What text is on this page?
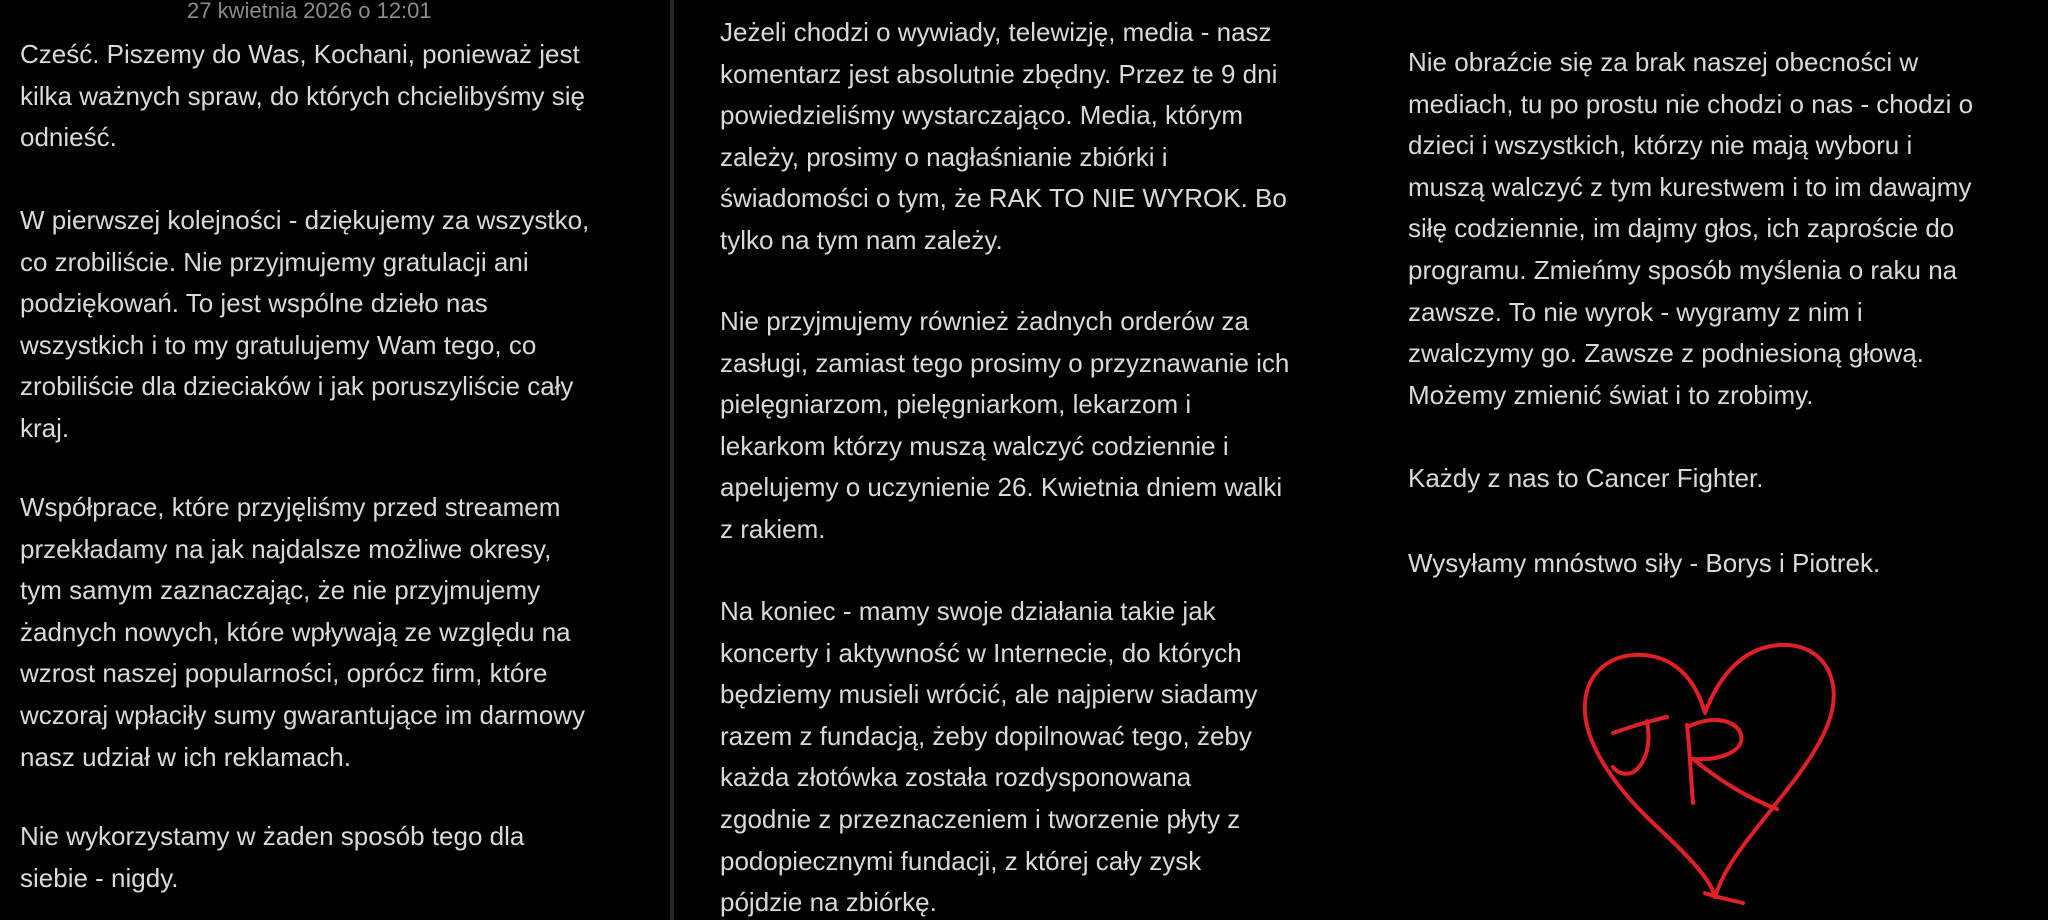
27 kwietnia 2026 o 12:01

Cześć. Piszemy do Was, Kochani, ponieważ jest
kilka ważnych spraw, do których chcielibyśmy się
odnieść.

W pierwszej kolejności - dziękujemy za wszystko,
co zrobiliście. Nie przyjmujemy gratulacji ani
podziękowań. To jest wspólne dzieło nas
wszystkich i to my gratulujemy Wam tego, co
zrobiliście dla dzieciaków i jak poruszyliście cały
kraj.

Współprace, które przyjęliśmy przed streamem
przekładamy na jak najdalsze możliwe okresy,
tym samym zaznaczając, że nie przyjmujemy
żadnych nowych, które wpływają ze względu na
wzrost naszej popularności, oprócz firm, które
wczoraj wpłaciły sumy gwarantujące im darmowy
nasz udział w ich reklamach.

Nie wykorzystamy w żaden sposób tego dla
siebie - nigdy.

Jeżeli chodzi o wywiady, telewizję, media - nasz
komentarz jest absolutnie zbędny. Przez te 9 dni
powiedzieliśmy wystarczająco. Media, którym
zależy, prosimy o nagłaśnianie zbiórki i
świadomości o tym, że RAK TO NIE WYROK. Bo
tylko na tym nam zależy.

Nie przyjmujemy również żadnych orderów za
zasługi, zamiast tego prosimy o przyznawanie ich
pielęgniarzom, pielęgniarkom, lekarzom i
lekarkom którzy muszą walczyć codziennie i
apelujemy o uczynienie 26. Kwietnia dniem walki
z rakiem.

Na koniec - mamy swoje działania takie jak
koncerty i aktywność w Internecie, do których
będziemy musieli wrócić, ale najpierw siadamy
razem z fundacją, żeby dopilnować tego, żeby
każda złotówka została rozdysponowana
zgodnie z przeznaczeniem i tworzenie płyty z
podopiecznymi fundacji, z której cały zysk
pójdzie na zbiórkę.

Nie obraźcie się za brak naszej obecności w
mediach, tu po prostu nie chodzi o nas - chodzi o
dzieci i wszystkich, którzy nie mają wyboru i
muszą walczyć z tym kurestwem i to im dawajmy
siłę codziennie, im dajmy głos, ich zaproście do
programu. Zmieńmy sposób myślenia o raku na
zawsze. To nie wyrok - wygramy z nim i
zwalczymy go. Zawsze z podniesioną głową.
Możemy zmienić świat i to zrobimy.

Każdy z nas to Cancer Fighter.

Wysyłamy mnóstwo siły - Borys i Piotrek.
